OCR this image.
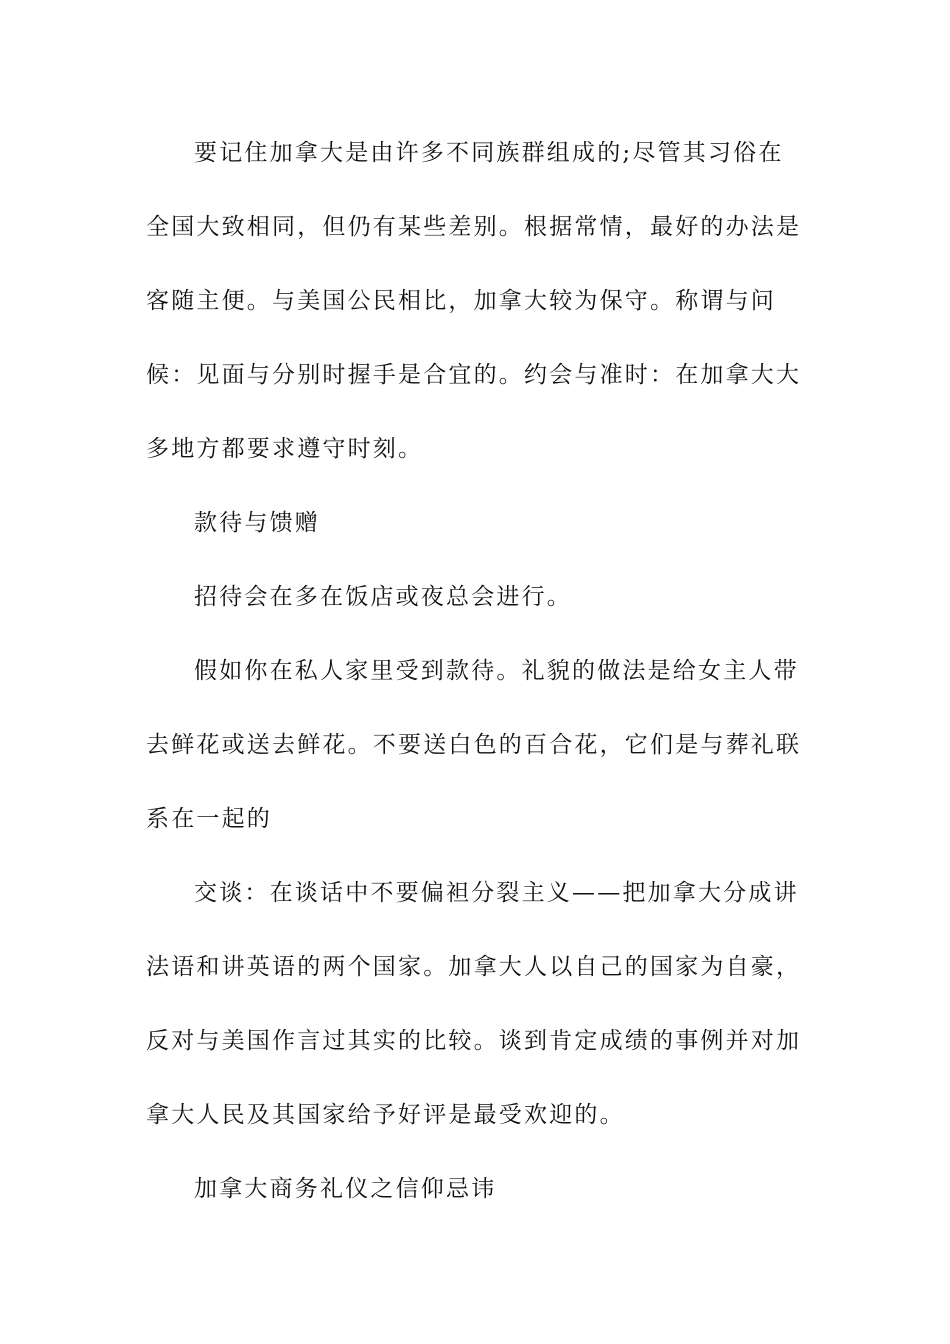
要记住加拿大是由许多不同族群组成的;尽管其习俗在全国大致相同，但仍有某些差别。根据常情，最好的办法是客随主便。与美国公民相比，加拿大较为保守。称谓与问候：见面与分别时握手是合宜的。约会与准时：在加拿大大多地方都要求遵守时刻。

款待与馈赠

招待会在多在饭店或夜总会进行。

假如你在私人家里受到款待。礼貌的做法是给女主人带去鲜花或送去鲜花。不要送白色的百合花，它们是与葬礼联系在一起的

交谈：在谈话中不要偏袒分裂主义——把加拿大分成讲法语和讲英语的两个国家。加拿大人以自己的国家为自豪，反对与美国作言过其实的比较。谈到肯定成绩的事例并对加拿大人民及其国家给予好评是最受欢迎的。

加拿大商务礼仪之信仰忌讳
